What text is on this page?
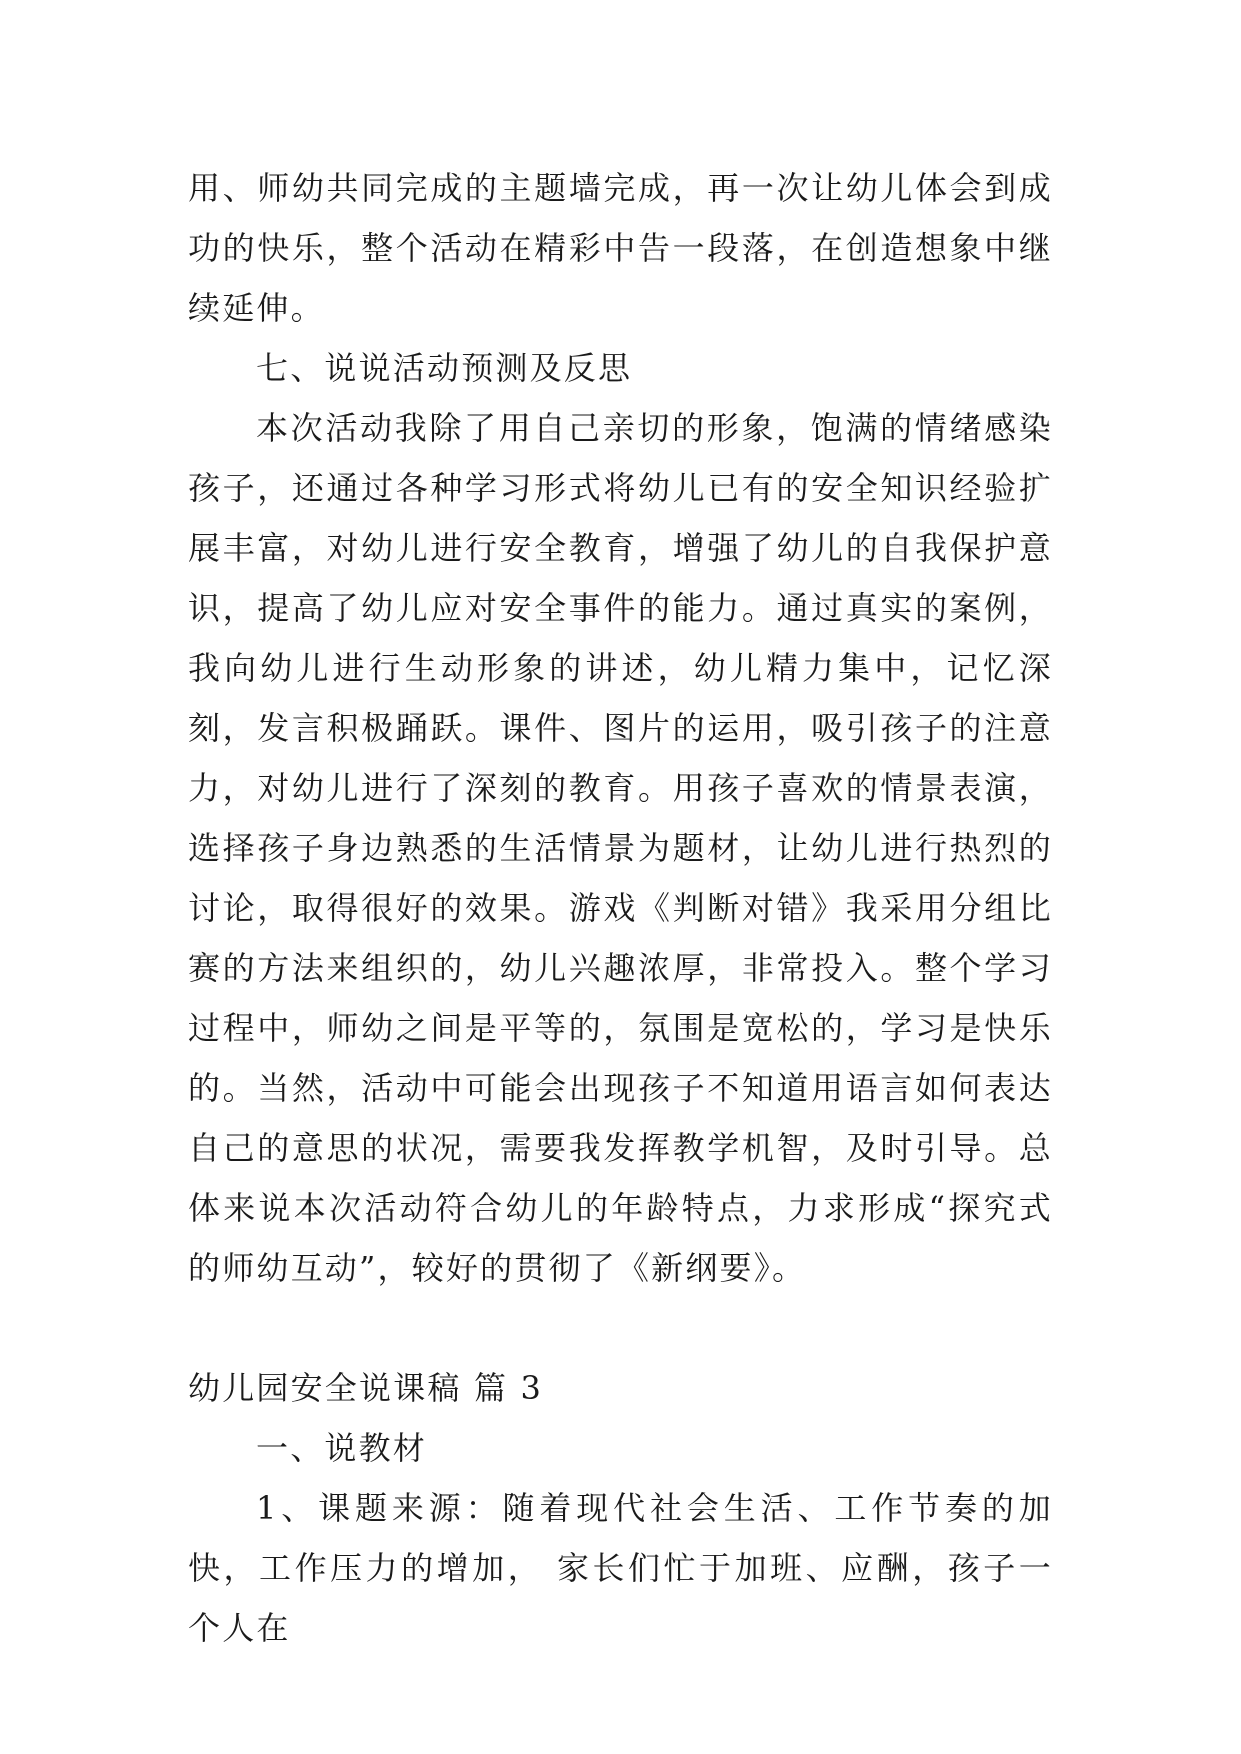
用、师幼共同完成的主题墙完成，再一次让幼儿体会到成功的快乐，整个活动在精彩中告一段落，在创造想象中继续延伸。

七、说说活动预测及反思

本次活动我除了用自己亲切的形象，饱满的情绪感染孩子，还通过各种学习形式将幼儿已有的安全知识经验扩展丰富，对幼儿进行安全教育，增强了幼儿的自我保护意识，提高了幼儿应对安全事件的能力。通过真实的案例，我向幼儿进行生动形象的讲述，幼儿精力集中，记忆深刻，发言积极踊跃。课件、图片的运用，吸引孩子的注意力，对幼儿进行了深刻的教育。用孩子喜欢的情景表演，选择孩子身边熟悉的生活情景为题材，让幼儿进行热烈的讨论，取得很好的效果。游戏《判断对错》我采用分组比赛的方法来组织的，幼儿兴趣浓厚，非常投入。整个学习过程中，师幼之间是平等的，氛围是宽松的，学习是快乐的。当然，活动中可能会出现孩子不知道用语言如何表达自己的意思的状况，需要我发挥教学机智，及时引导。总体来说本次活动符合幼儿的年龄特点，力求形成“探究式的师幼互动”，较好的贯彻了《新纲要》。

幼儿园安全说课稿 篇 3

一、说教材

1、课题来源：随着现代社会生活、工作节奏的加快，工作压力的增加， 家长们忙于加班、应酬，孩子一个人在
